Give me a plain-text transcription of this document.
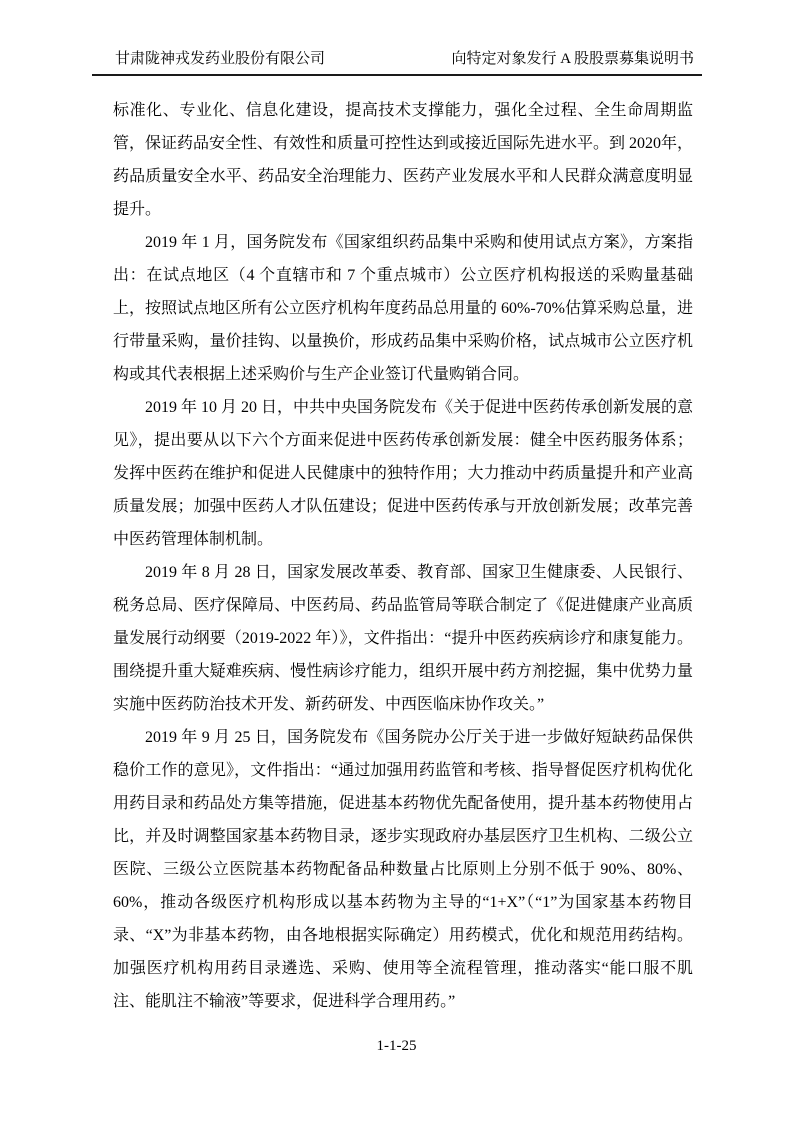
甘肃陇神戎发药业股份有限公司	向特定对象发行 A 股股票募集说明书

标准化、专业化、信息化建设，提高技术支撑能力，强化全过程、全生命周期监管，保证药品安全性、有效性和质量可控性达到或接近国际先进水平。到 2020年，药品质量安全水平、药品安全治理能力、医药产业发展水平和人民群众满意度明显提升。

2019 年 1 月，国务院发布《国家组织药品集中采购和使用试点方案》，方案指出：在试点地区（4 个直辖市和 7 个重点城市）公立医疗机构报送的采购量基础上，按照试点地区所有公立医疗机构年度药品总用量的 60%-70%估算采购总量，进行带量采购，量价挂钩、以量换价，形成药品集中采购价格，试点城市公立医疗机构或其代表根据上述采购价与生产企业签订代量购销合同。

2019 年 10 月 20 日，中共中央国务院发布《关于促进中医药传承创新发展的意见》，提出要从以下六个方面来促进中医药传承创新发展：健全中医药服务体系；发挥中医药在维护和促进人民健康中的独特作用；大力推动中药质量提升和产业高质量发展；加强中医药人才队伍建设；促进中医药传承与开放创新发展；改革完善中医药管理体制机制。

2019 年 8 月 28 日，国家发展改革委、教育部、国家卫生健康委、人民银行、税务总局、医疗保障局、中医药局、药品监管局等联合制定了《促进健康产业高质量发展行动纲要（2019-2022 年）》，文件指出：“提升中医药疾病诊疗和康复能力。围绕提升重大疑难疾病、慢性病诊疗能力，组织开展中药方剂挖掘，集中优势力量实施中医药防治技术开发、新药研发、中西医临床协作攻关。”

2019 年 9 月 25 日，国务院发布《国务院办公厅关于进一步做好短缺药品保供稳价工作的意见》，文件指出：“通过加强用药监管和考核、指导督促医疗机构优化用药目录和药品处方集等措施，促进基本药物优先配备使用，提升基本药物使用占比，并及时调整国家基本药物目录，逐步实现政府办基层医疗卫生机构、二级公立医院、三级公立医院基本药物配备品种数量占比原则上分别不低于 90%、80%、60%，推动各级医疗机构形成以基本药物为主导的“1+X”（“1”为国家基本药物目录、“X”为非基本药物，由各地根据实际确定）用药模式，优化和规范用药结构。加强医疗机构用药目录遴选、采购、使用等全流程管理，推动落实“能口服不肌注、能肌注不输液”等要求，促进科学合理用药。”

1-1-25
